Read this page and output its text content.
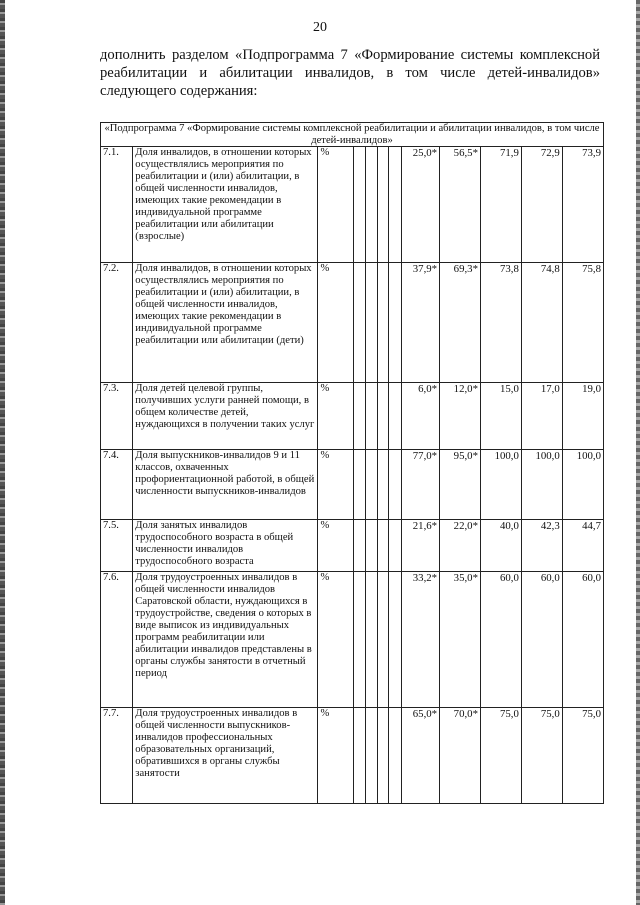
20

дополнить разделом «Подпрограмма 7 «Формирование системы комплексной

реабилитации и абилитации инвалидов, в том числе детей-инвалидов»

следующего содержания:

«Подпрограмма 7 «Формирование системы комплексной реабилитации и абилитации инвалидов, в том числе детей-инвалидов»											
7.1.	Доля инвалидов, в отношении которых осуществлялись мероприятия по реабилитации и (или) абилитации, в общей численности инвалидов, имеющих такие рекомендации в индивидуальной программе реабилитации или абилитации (взрослые)	%					25,0*	56,5*	71,9	72,9	73,9
7.2.	Доля инвалидов, в отношении которых осуществлялись мероприятия по реабилитации и (или) абилитации, в общей численности инвалидов, имеющих такие рекомендации в индивидуальной программе реабилитации или абилитации (дети)	%					37,9*	69,3*	73,8	74,8	75,8
7.3.	Доля детей целевой группы, получивших услуги ранней помощи, в общем количестве детей, нуждающихся в получении таких услуг	%					6,0*	12,0*	15,0	17,0	19,0
7.4.	Доля выпускников-инвалидов 9 и 11 классов, охваченных профориентационной работой, в общей численности выпускников-инвалидов	%					77,0*	95,0*	100,0	100,0	100,0
7.5.	Доля занятых инвалидов трудоспособного возраста в общей численности инвалидов трудоспособного возраста	%					21,6*	22,0*	40,0	42,3	44,7
7.6.	Доля трудоустроенных инвалидов в общей численности инвалидов Саратовской области, нуждающихся в трудоустройстве, сведения о которых в виде выписок из индивидуальных программ реабилитации или абилитации инвалидов представлены в органы службы занятости в отчетный период	%					33,2*	35,0*	60,0	60,0	60,0
7.7.	Доля трудоустроенных инвалидов в общей численности выпускников-инвалидов профессиональных образовательных организаций, обратившихся в органы службы занятости	%					65,0*	70,0*	75,0	75,0	75,0
